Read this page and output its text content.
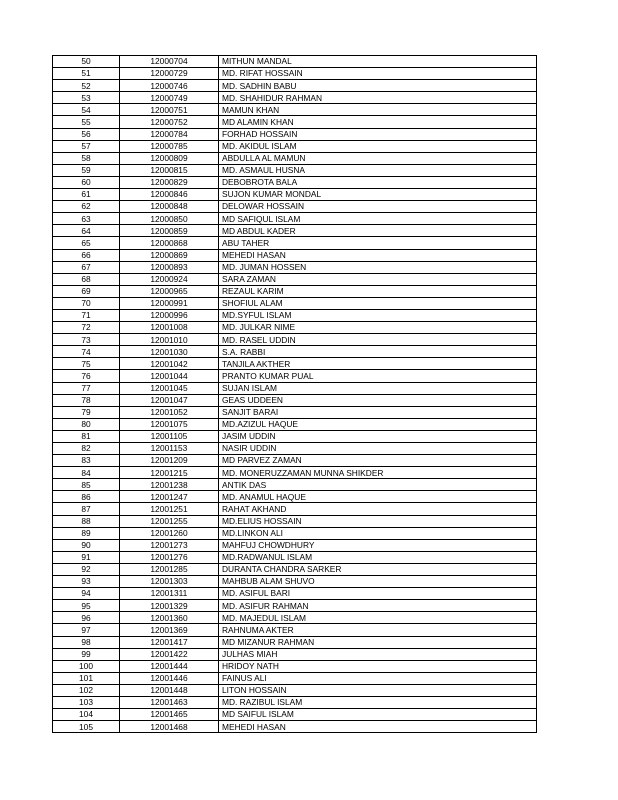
50	12000704	MITHUN MANDAL
51	12000729	MD. RIFAT HOSSAIN
52	12000746	MD. SADHIN BABU
53	12000749	MD. SHAHIDUR RAHMAN
54	12000751	MAMUN KHAN
55	12000752	MD ALAMIN KHAN
56	12000784	FORHAD HOSSAIN
57	12000785	MD. AKIDUL ISLAM
58	12000809	ABDULLA AL MAMUN
59	12000815	MD. ASMAUL HUSNA
60	12000829	DEBOBROTA BALA
61	12000846	SUJON KUMAR MONDAL
62	12000848	DELOWAR HOSSAIN
63	12000850	MD SAFIQUL ISLAM
64	12000859	MD ABDUL KADER
65	12000868	ABU TAHER
66	12000869	MEHEDI HASAN
67	12000893	MD. JUMAN HOSSEN
68	12000924	SARA ZAMAN
69	12000965	REZAUL KARIM
70	12000991	SHOFIUL ALAM
71	12000996	MD.SYFUL ISLAM
72	12001008	MD. JULKAR NIME
73	12001010	MD. RASEL UDDIN
74	12001030	S.A. RABBI
75	12001042	TANJILA AKTHER
76	12001044	PRANTO KUMAR PUAL
77	12001045	SUJAN ISLAM
78	12001047	GEAS UDDEEN
79	12001052	SANJIT BARAI
80	12001075	MD.AZIZUL HAQUE
81	12001105	JASIM UDDIN
82	12001153	NASIR UDDIN
83	12001209	MD PARVEZ ZAMAN
84	12001215	MD. MONERUZZAMAN MUNNA SHIKDER
85	12001238	ANTIK DAS
86	12001247	MD. ANAMUL HAQUE
87	12001251	RAHAT AKHAND
88	12001255	MD.ELIUS HOSSAIN
89	12001260	MD.LINKON ALI
90	12001273	MAHFUJ CHOWDHURY
91	12001276	MD.RADWANUL ISLAM
92	12001285	DURANTA CHANDRA SARKER
93	12001303	MAHBUB ALAM SHUVO
94	12001311	MD. ASIFUL BARI
95	12001329	MD. ASIFUR RAHMAN
96	12001360	MD. MAJEDUL ISLAM
97	12001369	RAHNUMA AKTER
98	12001417	MD MIZANUR RAHMAN
99	12001422	JULHAS MIAH
100	12001444	HRIDOY NATH
101	12001446	FAINUS ALI
102	12001448	LITON HOSSAIN
103	12001463	MD. RAZIBUL ISLAM
104	12001465	MD SAIFUL ISLAM
105	12001468	MEHEDI HASAN
